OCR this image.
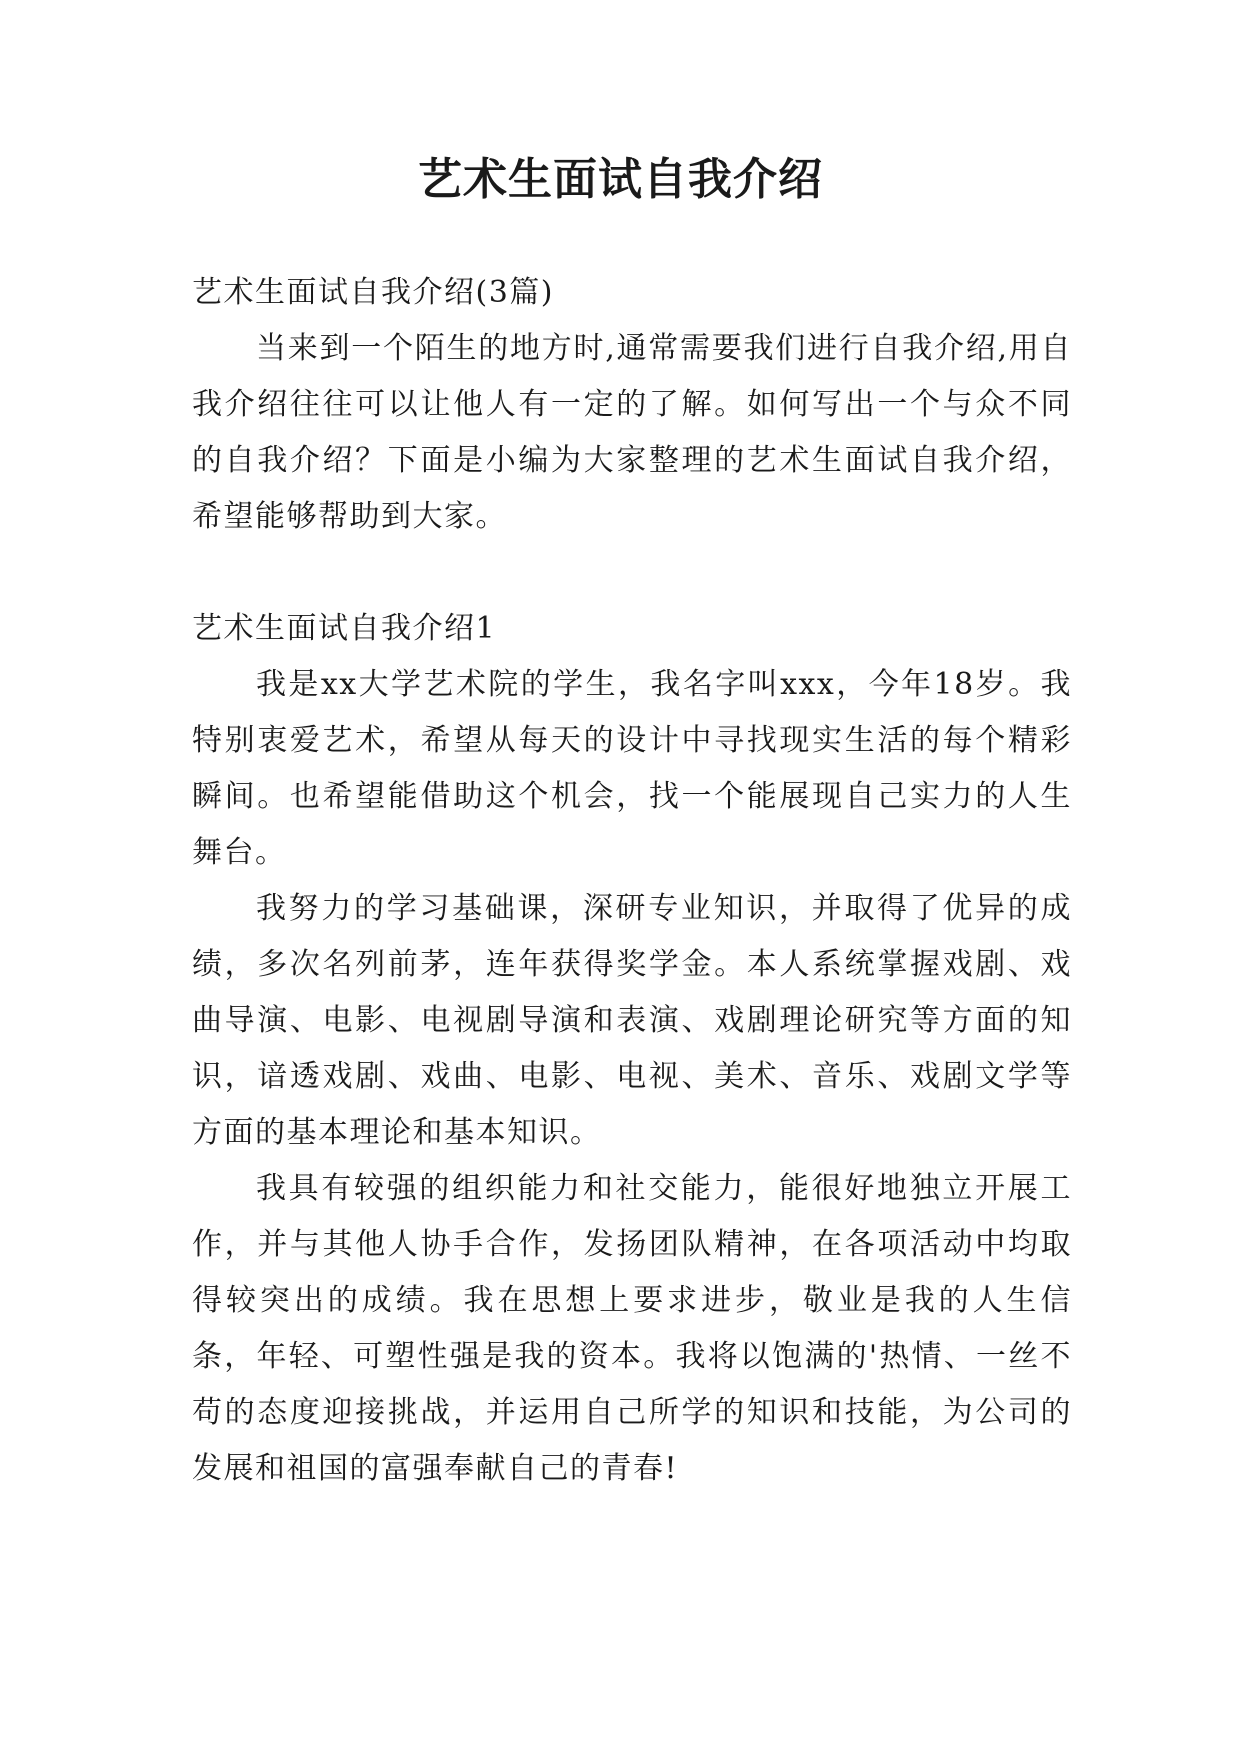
艺术生面试自我介绍

艺术生面试自我介绍(3篇)

当来到一个陌生的地方时,通常需要我们进行自我介绍,用自我介绍往往可以让他人有一定的了解。如何写出一个与众不同的自我介绍？下面是小编为大家整理的艺术生面试自我介绍，希望能够帮助到大家。

艺术生面试自我介绍1

我是xx大学艺术院的学生，我名字叫xxx，今年18岁。我特别衷爱艺术，希望从每天的设计中寻找现实生活的每个精彩瞬间。也希望能借助这个机会，找一个能展现自己实力的人生舞台。

我努力的学习基础课，深研专业知识，并取得了优异的成绩，多次名列前茅，连年获得奖学金。本人系统掌握戏剧、戏曲导演、电影、电视剧导演和表演、戏剧理论研究等方面的知识，谙透戏剧、戏曲、电影、电视、美术、音乐、戏剧文学等方面的基本理论和基本知识。

我具有较强的组织能力和社交能力，能很好地独立开展工作，并与其他人协手合作，发扬团队精神，在各项活动中均取得较突出的成绩。我在思想上要求进步，敬业是我的人生信条，年轻、可塑性强是我的资本。我将以饱满的'热情、一丝不苟的态度迎接挑战，并运用自己所学的知识和技能，为公司的发展和祖国的富强奉献自己的青春!
